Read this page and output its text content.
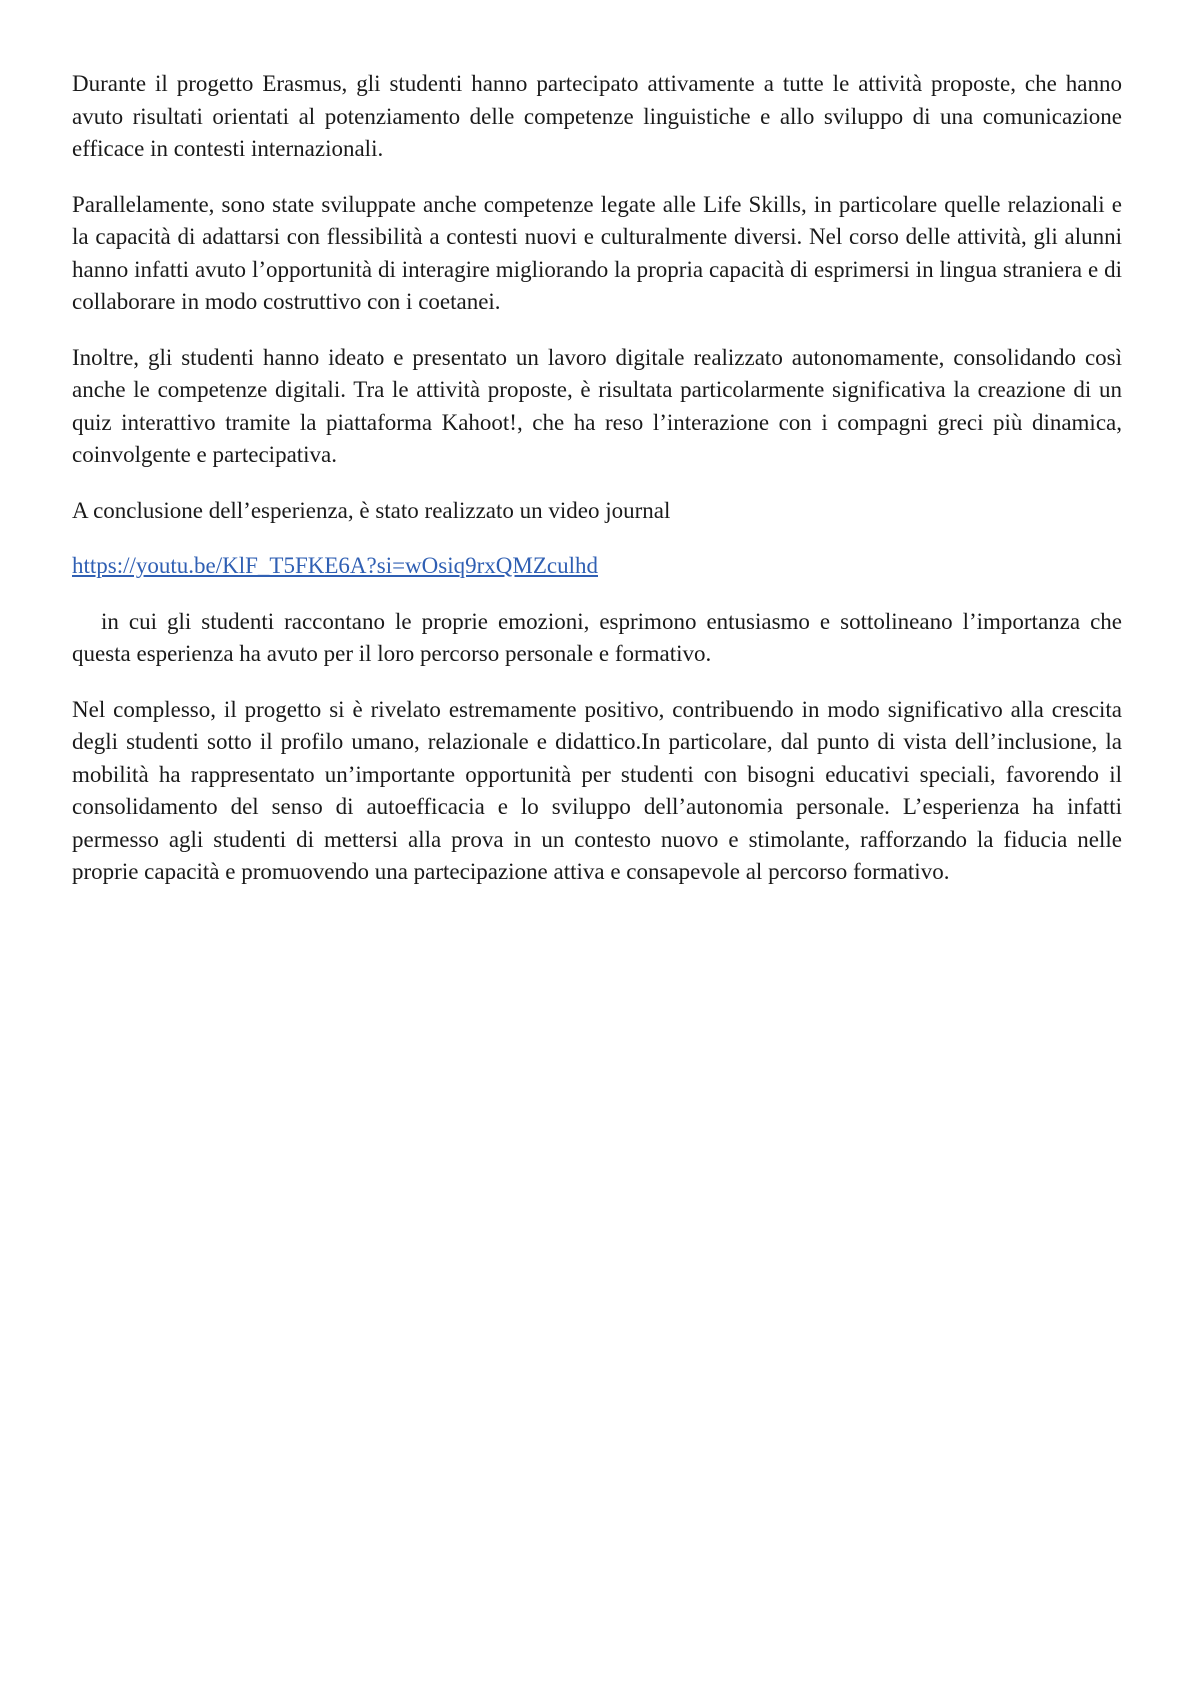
Durante il progetto Erasmus, gli studenti hanno partecipato attivamente a tutte le attività proposte, che hanno avuto risultati orientati al potenziamento delle competenze linguistiche e allo sviluppo di una comunicazione efficace in contesti internazionali.

Parallelamente, sono state sviluppate anche competenze legate alle Life Skills, in particolare quelle relazionali e la capacità di adattarsi con flessibilità a contesti nuovi e culturalmente diversi. Nel corso delle attività, gli alunni hanno infatti avuto l’opportunità di interagire migliorando la propria capacità di esprimersi in lingua straniera e di collaborare in modo costruttivo con i coetanei.

Inoltre, gli studenti hanno ideato e presentato un lavoro digitale realizzato autonomamente, consolidando così anche le competenze digitali. Tra le attività proposte, è risultata particolarmente significativa la creazione di un quiz interattivo tramite la piattaforma Kahoot!, che ha reso l’interazione con i compagni greci più dinamica, coinvolgente e partecipativa.

A conclusione dell’esperienza, è stato realizzato un video journal

https://youtu.be/KlF_T5FKE6A?si=wOsiq9rxQMZculhd

in cui gli studenti raccontano le proprie emozioni, esprimono entusiasmo e sottolineano l’importanza che questa esperienza ha avuto per il loro percorso personale e formativo.

Nel complesso, il progetto si è rivelato estremamente positivo, contribuendo in modo significativo alla crescita degli studenti sotto il profilo umano, relazionale e didattico.In particolare, dal punto di vista dell’inclusione, la mobilità ha rappresentato un’importante opportunità per studenti con bisogni educativi speciali, favorendo il consolidamento del senso di autoefficacia e lo sviluppo dell’autonomia personale. L’esperienza ha infatti permesso agli studenti di mettersi alla prova in un contesto nuovo e stimolante, rafforzando la fiducia nelle proprie capacità e promuovendo una partecipazione attiva e consapevole al percorso formativo.
